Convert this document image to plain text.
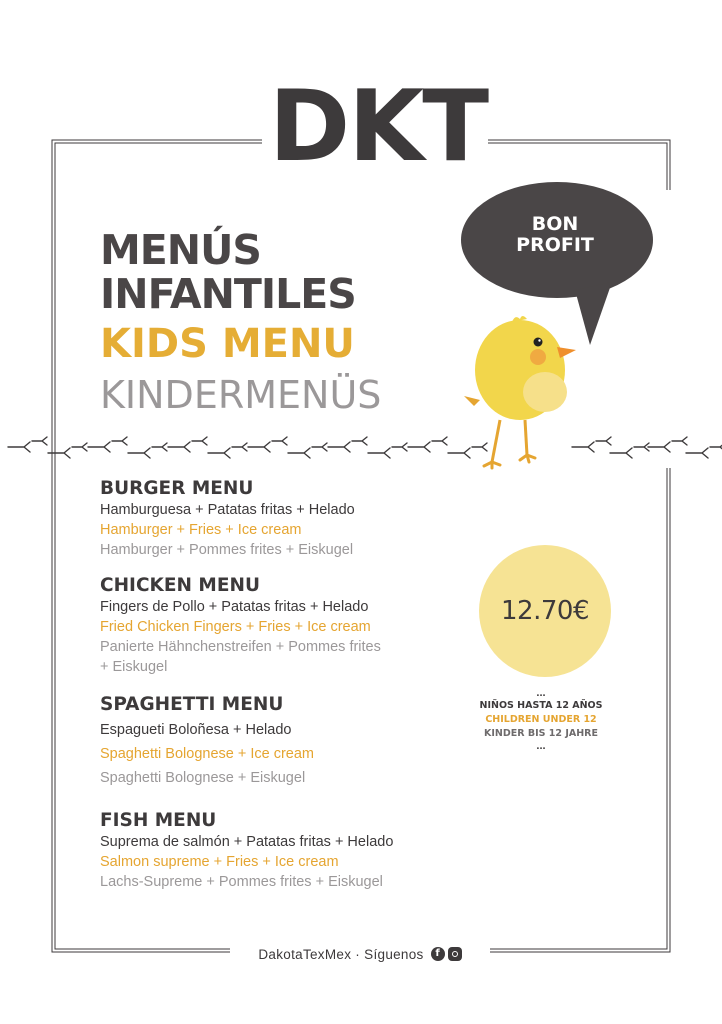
DKT
MENÚS
INFANTILES
KIDS MENU
KINDERMENÜS
BON
PROFIT
BURGER MENU
Hamburguesa + Patatas fritas + Helado
Hamburger + Fries + Ice cream
Hamburger + Pommes frites + Eiskugel
CHICKEN MENU
Fingers de Pollo + Patatas fritas + Helado
Fried Chicken Fingers + Fries + Ice cream
Panierte Hähnchenstreifen + Pommes frites
+ Eiskugel
SPAGHETTI MENU
Espagueti Boloñesa + Helado
Spaghetti Bolognese + Ice cream
Spaghetti Bolognese + Eiskugel
FISH MENU
Suprema de salmón + Patatas fritas + Helado
Salmon supreme + Fries + Ice cream
Lachs-Supreme + Pommes frites + Eiskugel
12.70€
...
NIÑOS HASTA 12 AÑOS
CHILDREN UNDER 12
KINDER BIS 12 JAHRE
...
DakotaTexMex · Síguenos	f
